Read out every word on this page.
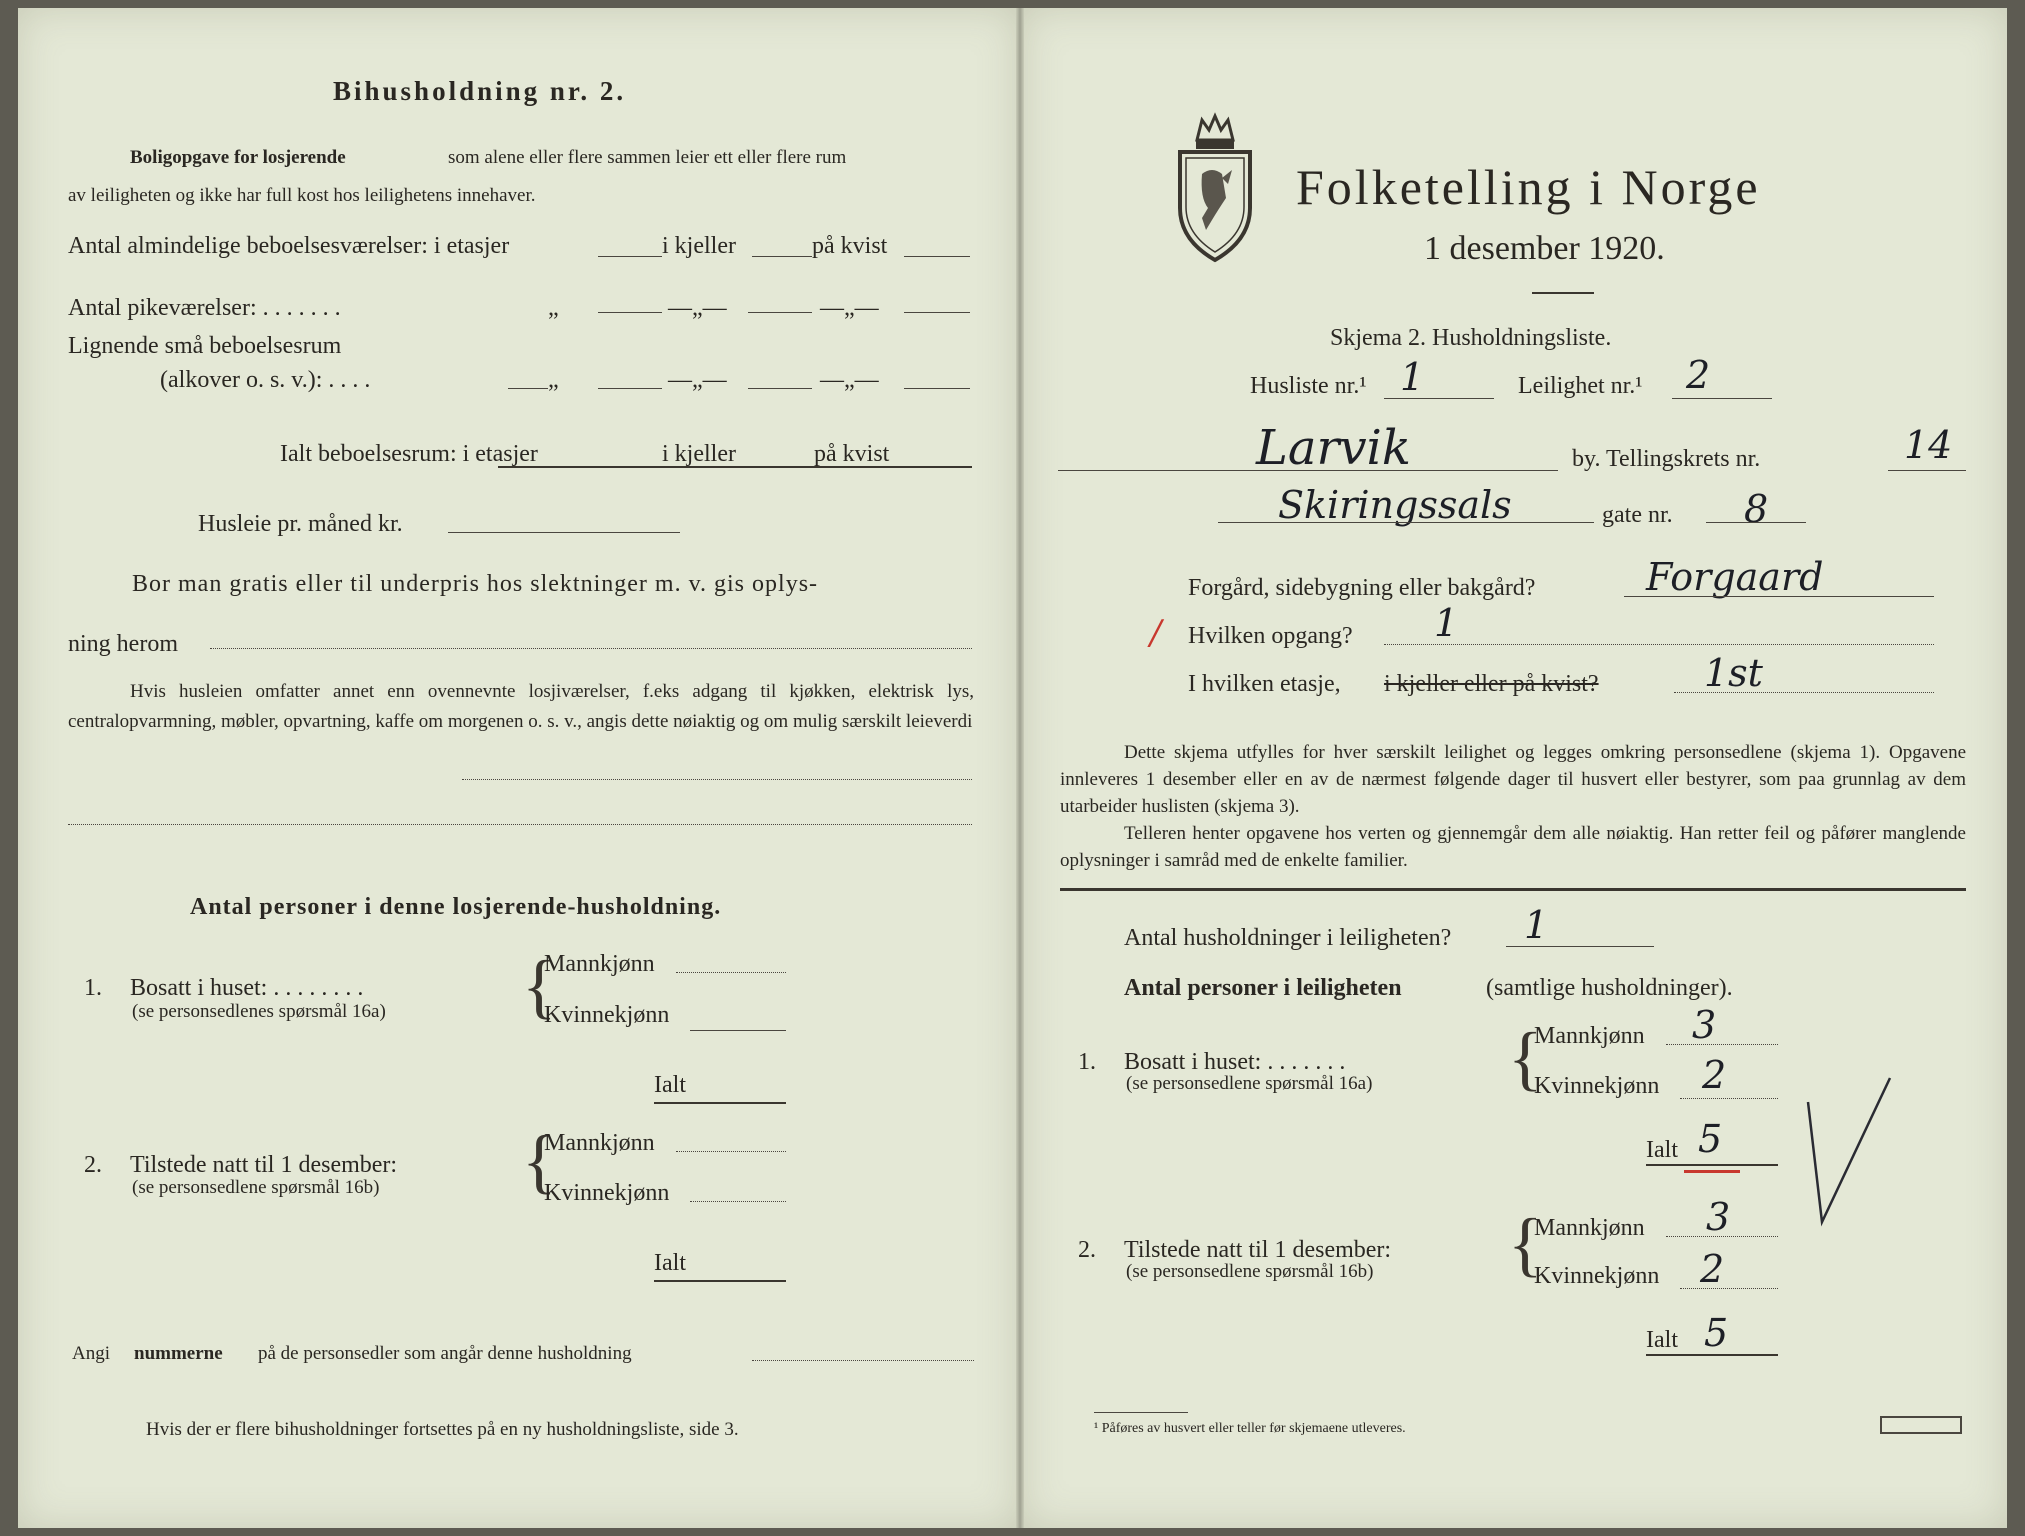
Bihusholdning nr. 2.
Boligopgave for losjerende	som alene eller flere sammen leier ett eller flere rum
av leiligheten og ikke har full kost hos leilighetens innehaver.
Antal almindelige beboelsesværelser: i etasjer	i kjeller	på kvist
Antal pikeværelser: . . . . . . .	„	—„—	—„—
Lignende små beboelsesrum
(alkover o. s. v.): . . . .	„	—„—	—„—
Ialt beboelsesrum: i etasjer	i kjeller	på kvist
Husleie pr. måned kr.
Bor man gratis eller til underpris hos slektninger m. v. gis oplys-
ning herom
Hvis husleien omfatter annet enn ovennevnte losjiværelser, f.eks adgang til kjøkken, elektrisk lys, centralopvarmning, møbler, opvartning, kaffe om morgenen o. s. v., angis dette nøiaktig og om mulig særskilt leieverdi
Antal personer i denne losjerende-husholdning.
1. Bosatt i huset: . . . . . . . .
(se personsedlenes spørsmål 16a) {
Mannkjønn
Kvinnekjønn
Ialt
2. Tilstede natt til 1 desember:
(se personsedlene spørsmål 16b) {
Mannkjønn
Kvinnekjønn
Ialt
Angi nummerne på de personsedler som angår denne husholdning
Hvis der er flere bihusholdninger fortsettes på en ny husholdningsliste, side 3.
Folketelling i Norge
1 desember 1920.
Skjema 2. Husholdningsliste.
Husliste nr.¹ 1	Leilighet nr.¹ 2
Larvik	by. Tellingskrets nr.	14
Skiringssals	gate nr. 8
Forgård, sidebygning eller bakgård?	Forgaard
/ Hvilken opgang? 1
I hvilken etasje, i kjeller eller på kvist?	1st
Dette skjema utfylles for hver særskilt leilighet og legges omkring personsedlene (skjema 1). Opgavene innleveres 1 desember eller en av de nærmest følgende dager til husvert eller bestyrer, som paa grunnlag av dem utarbeider huslisten (skjema 3).
Telleren henter opgavene hos verten og gjennemgår dem alle nøiaktig. Han retter feil og påfører manglende oplysninger i samråd med de enkelte familier.
Antal husholdninger i leiligheten? 1
Antal personer i leiligheten	(samtlige husholdninger).
1. Bosatt i huset: . . . . . . .
(se personsedlene spørsmål 16a) {
Mannkjønn 3
Kvinnekjønn 2
Ialt 5
2. Tilstede natt til 1 desember:
(se personsedlene spørsmål 16b) {
Mannkjønn 3
Kvinnekjønn 2
Ialt 5
¹ Påføres av husvert eller teller før skjemaene utleveres.
